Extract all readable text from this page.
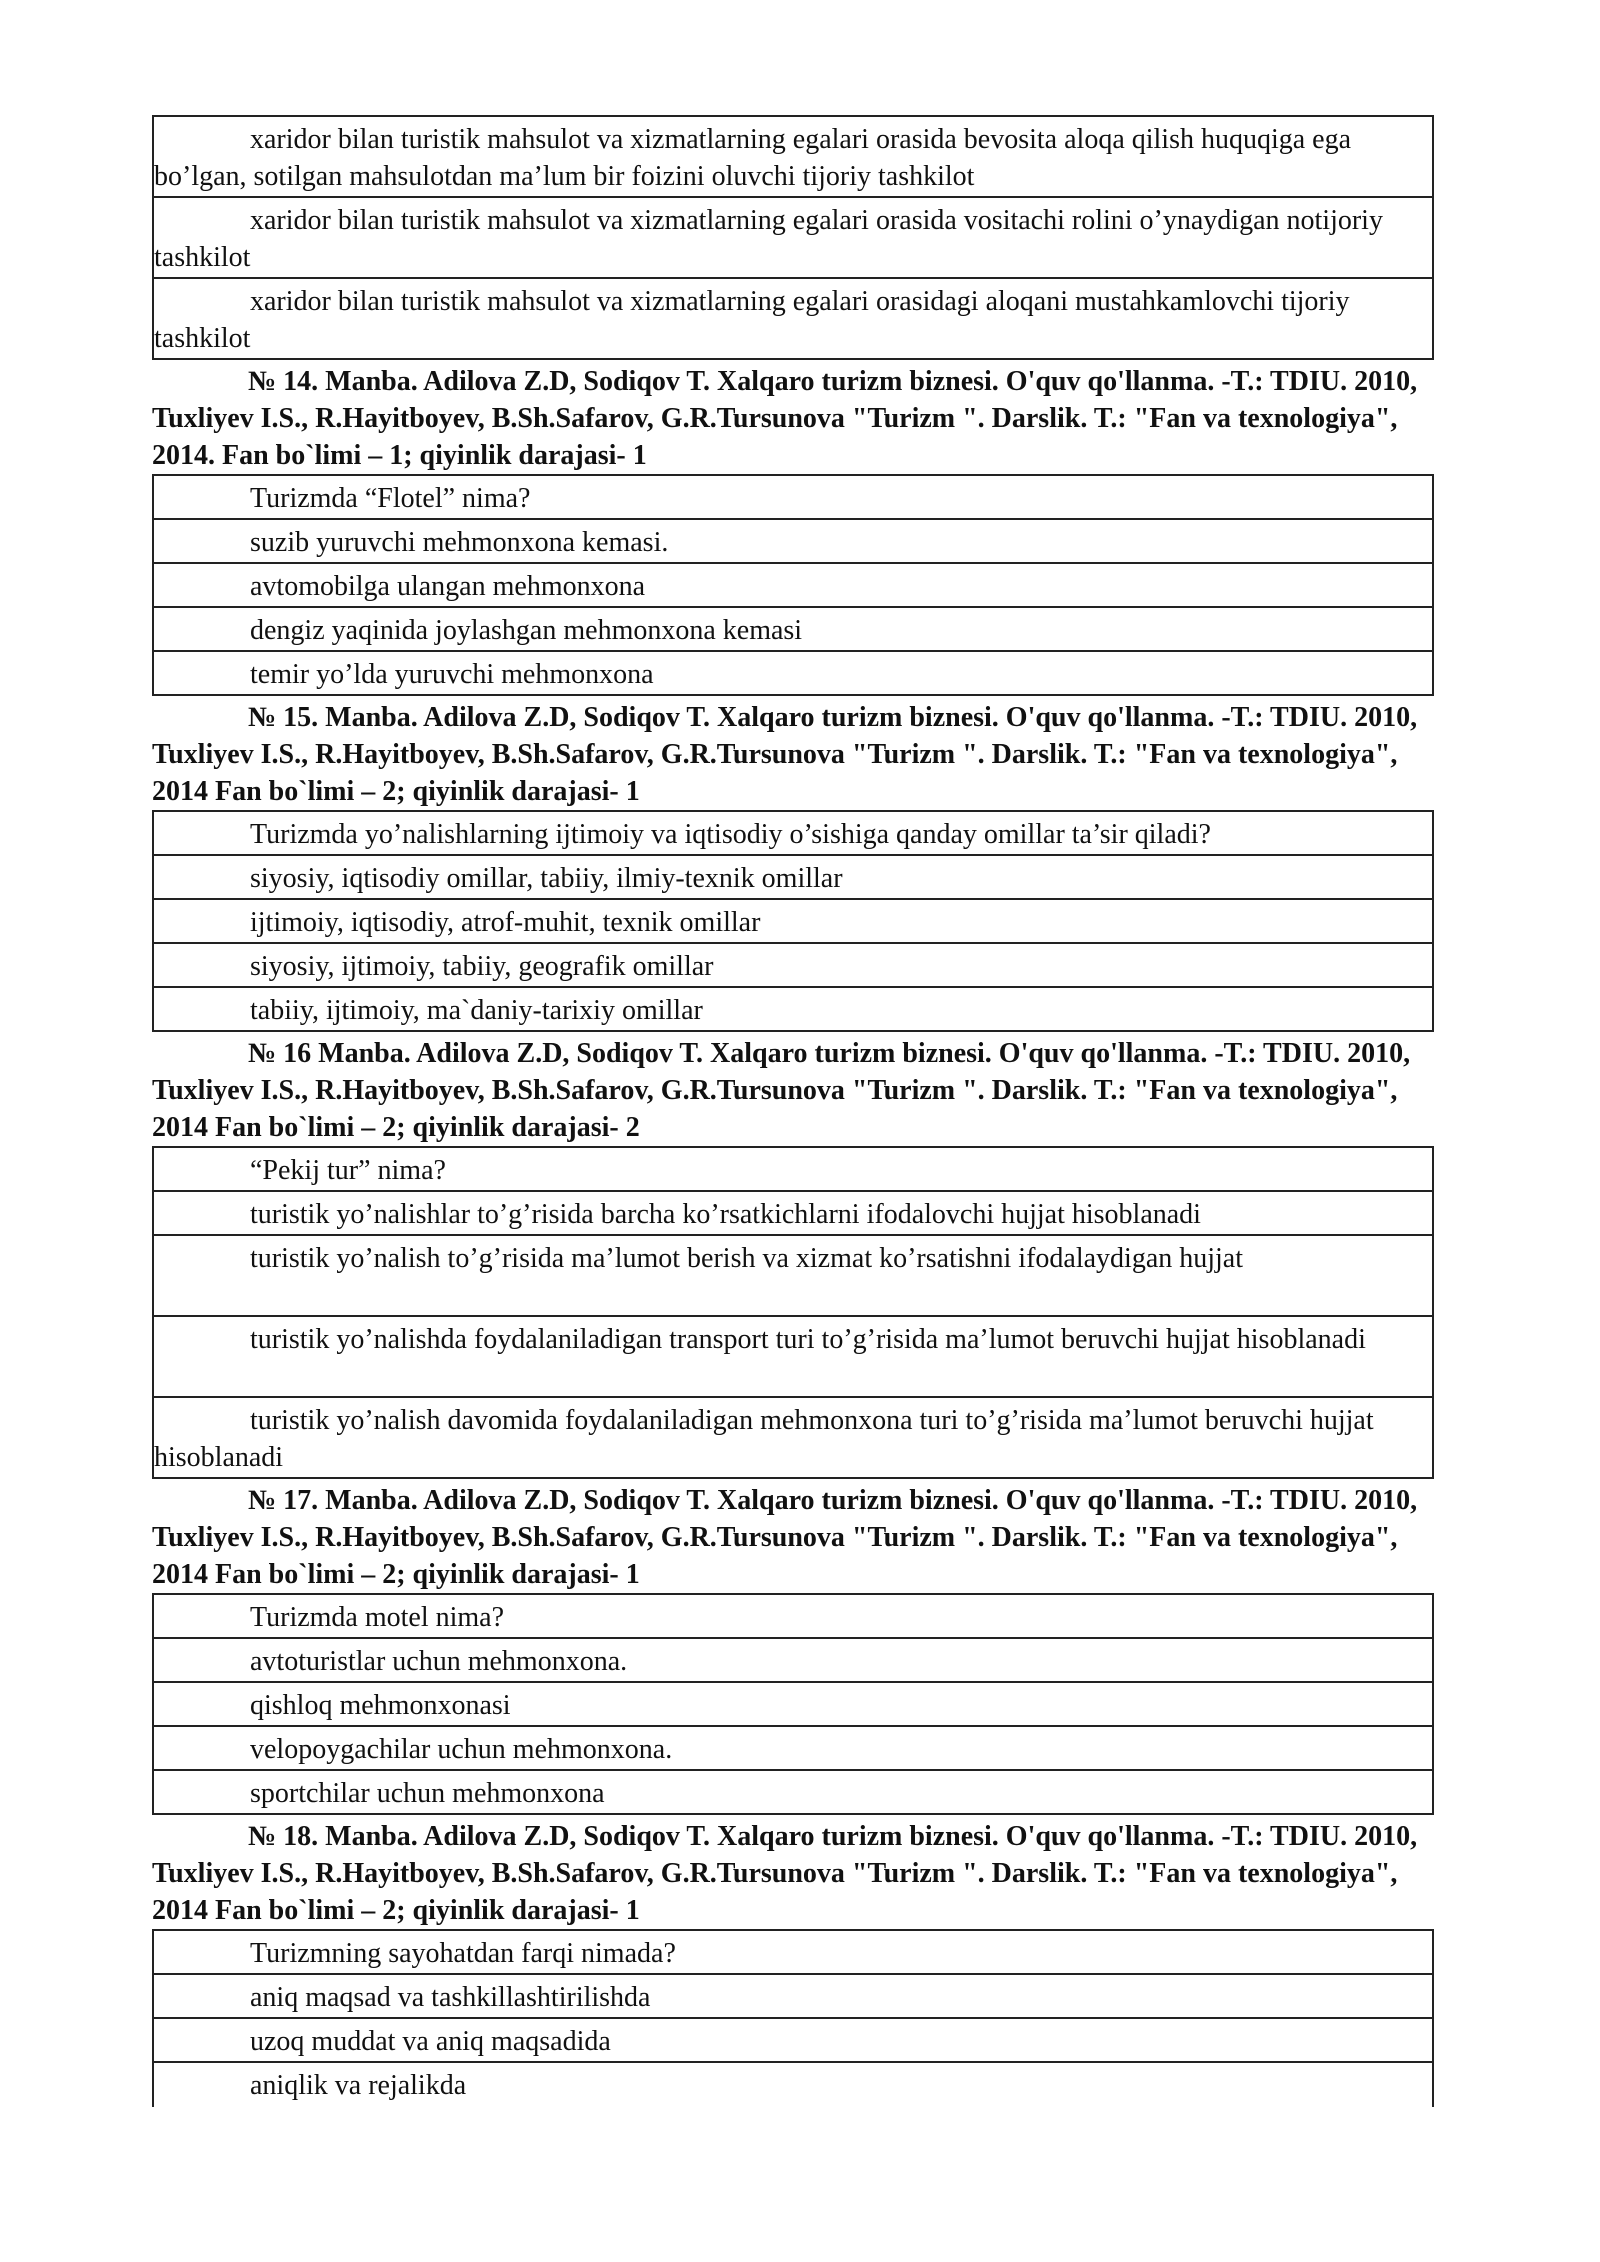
xaridor bilan turistik mahsulot va xizmatlarning egalari orasida bevosita aloqa qilish huquqiga ega bo’lgan, sotilgan mahsulotdan ma’lum bir foizini oluvchi tijoriy tashkilot
xaridor bilan turistik mahsulot va xizmatlarning egalari orasida vositachi rolini o’ynaydigan notijoriy tashkilot
xaridor bilan turistik mahsulot va xizmatlarning egalari orasidagi aloqani mustahkamlovchi tijoriy tashkilot
№ 14. Manba. Adilova Z.D, Sodiqov T. Xalqaro turizm biznesi. O'quv qo'llanma. -T.: TDIU. 2010, Tuxliyev I.S., R.Hayitboyev, B.Sh.Safarov, G.R.Tursunova "Turizm ". Darslik. T.: "Fan va texnologiya", 2014. Fan bo`limi – 1; qiyinlik darajasi- 1
Turizmda “Flotel” nima?
suzib yuruvchi mehmonxona kemasi.
avtomobilga ulangan mehmonxona
dengiz yaqinida joylashgan mehmonxona kemasi
temir yo’lda yuruvchi mehmonxona
№ 15. Manba. Adilova Z.D, Sodiqov T. Xalqaro turizm biznesi. O'quv qo'llanma. -T.: TDIU. 2010, Tuxliyev I.S., R.Hayitboyev, B.Sh.Safarov, G.R.Tursunova "Turizm ". Darslik. T.: "Fan va texnologiya", 2014 Fan bo`limi – 2; qiyinlik darajasi- 1
Turizmda yo’nalishlarning ijtimoiy va iqtisodiy o’sishiga qanday omillar ta’sir qiladi?
siyosiy, iqtisodiy omillar, tabiiy, ilmiy-texnik omillar
ijtimoiy, iqtisodiy, atrof-muhit, texnik omillar
siyosiy, ijtimoiy, tabiiy, geografik omillar
tabiiy, ijtimoiy, ma`daniy-tarixiy omillar
№ 16 Manba. Adilova Z.D, Sodiqov T. Xalqaro turizm biznesi. O'quv qo'llanma. -T.: TDIU. 2010, Tuxliyev I.S., R.Hayitboyev, B.Sh.Safarov, G.R.Tursunova "Turizm ". Darslik. T.: "Fan va texnologiya", 2014 Fan bo`limi – 2; qiyinlik darajasi- 2
“Pekij tur” nima?
turistik yo’nalishlar to’g’risida barcha ko’rsatkichlarni ifodalovchi hujjat hisoblanadi
turistik yo’nalish to’g’risida ma’lumot berish va xizmat ko’rsatishni ifodalaydigan hujjat
turistik yo’nalishda foydalaniladigan transport turi to’g’risida ma’lumot beruvchi hujjat hisoblanadi
turistik yo’nalish davomida foydalaniladigan mehmonxona turi to’g’risida ma’lumot beruvchi hujjat hisoblanadi
№ 17. Manba. Adilova Z.D, Sodiqov T. Xalqaro turizm biznesi. O'quv qo'llanma. -T.: TDIU. 2010, Tuxliyev I.S., R.Hayitboyev, B.Sh.Safarov, G.R.Tursunova "Turizm ". Darslik. T.: "Fan va texnologiya", 2014 Fan bo`limi – 2; qiyinlik darajasi- 1
Turizmda motel nima?
avtoturistlar uchun mehmonxona.
qishloq mehmonxonasi
velopoygachilar uchun mehmonxona.
sportchilar uchun mehmonxona
№ 18. Manba. Adilova Z.D, Sodiqov T. Xalqaro turizm biznesi. O'quv qo'llanma. -T.: TDIU. 2010, Tuxliyev I.S., R.Hayitboyev, B.Sh.Safarov, G.R.Tursunova "Turizm ". Darslik. T.: "Fan va texnologiya", 2014 Fan bo`limi – 2; qiyinlik darajasi- 1
Turizmning sayohatdan farqi nimada?
aniq maqsad va tashkillashtirilishda
uzoq muddat va aniq maqsadida
aniqlik va rejalikda
